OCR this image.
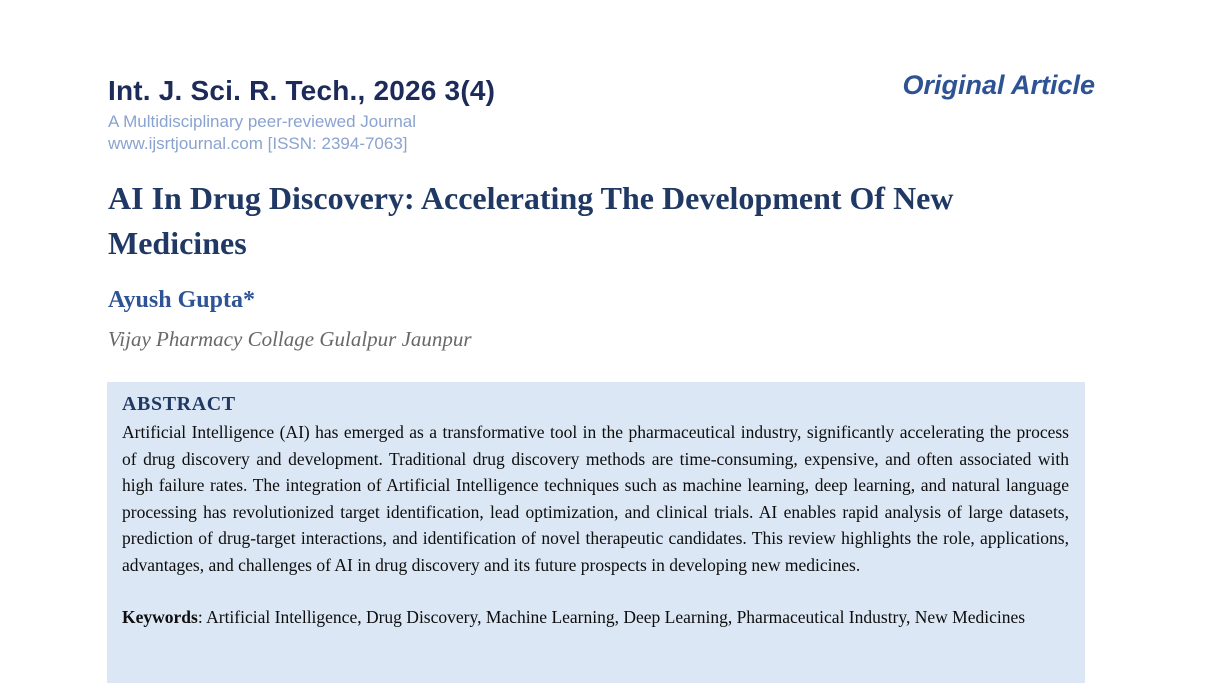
Int. J. Sci. R. Tech., 2026 3(4)
A Multidisciplinary peer-reviewed Journal
www.ijsrtjournal.com [ISSN: 2394-7063]
Original Article
AI In Drug Discovery: Accelerating The Development Of New Medicines
Ayush Gupta*
Vijay Pharmacy Collage Gulalpur Jaunpur
ABSTRACT

Artificial Intelligence (AI) has emerged as a transformative tool in the pharmaceutical industry, significantly accelerating the process of drug discovery and development. Traditional drug discovery methods are time-consuming, expensive, and often associated with high failure rates. The integration of Artificial Intelligence techniques such as machine learning, deep learning, and natural language processing has revolutionized target identification, lead optimization, and clinical trials. AI enables rapid analysis of large datasets, prediction of drug-target interactions, and identification of novel therapeutic candidates. This review highlights the role, applications, advantages, and challenges of AI in drug discovery and its future prospects in developing new medicines.

Keywords: Artificial Intelligence, Drug Discovery, Machine Learning, Deep Learning, Pharmaceutical Industry, New Medicines
